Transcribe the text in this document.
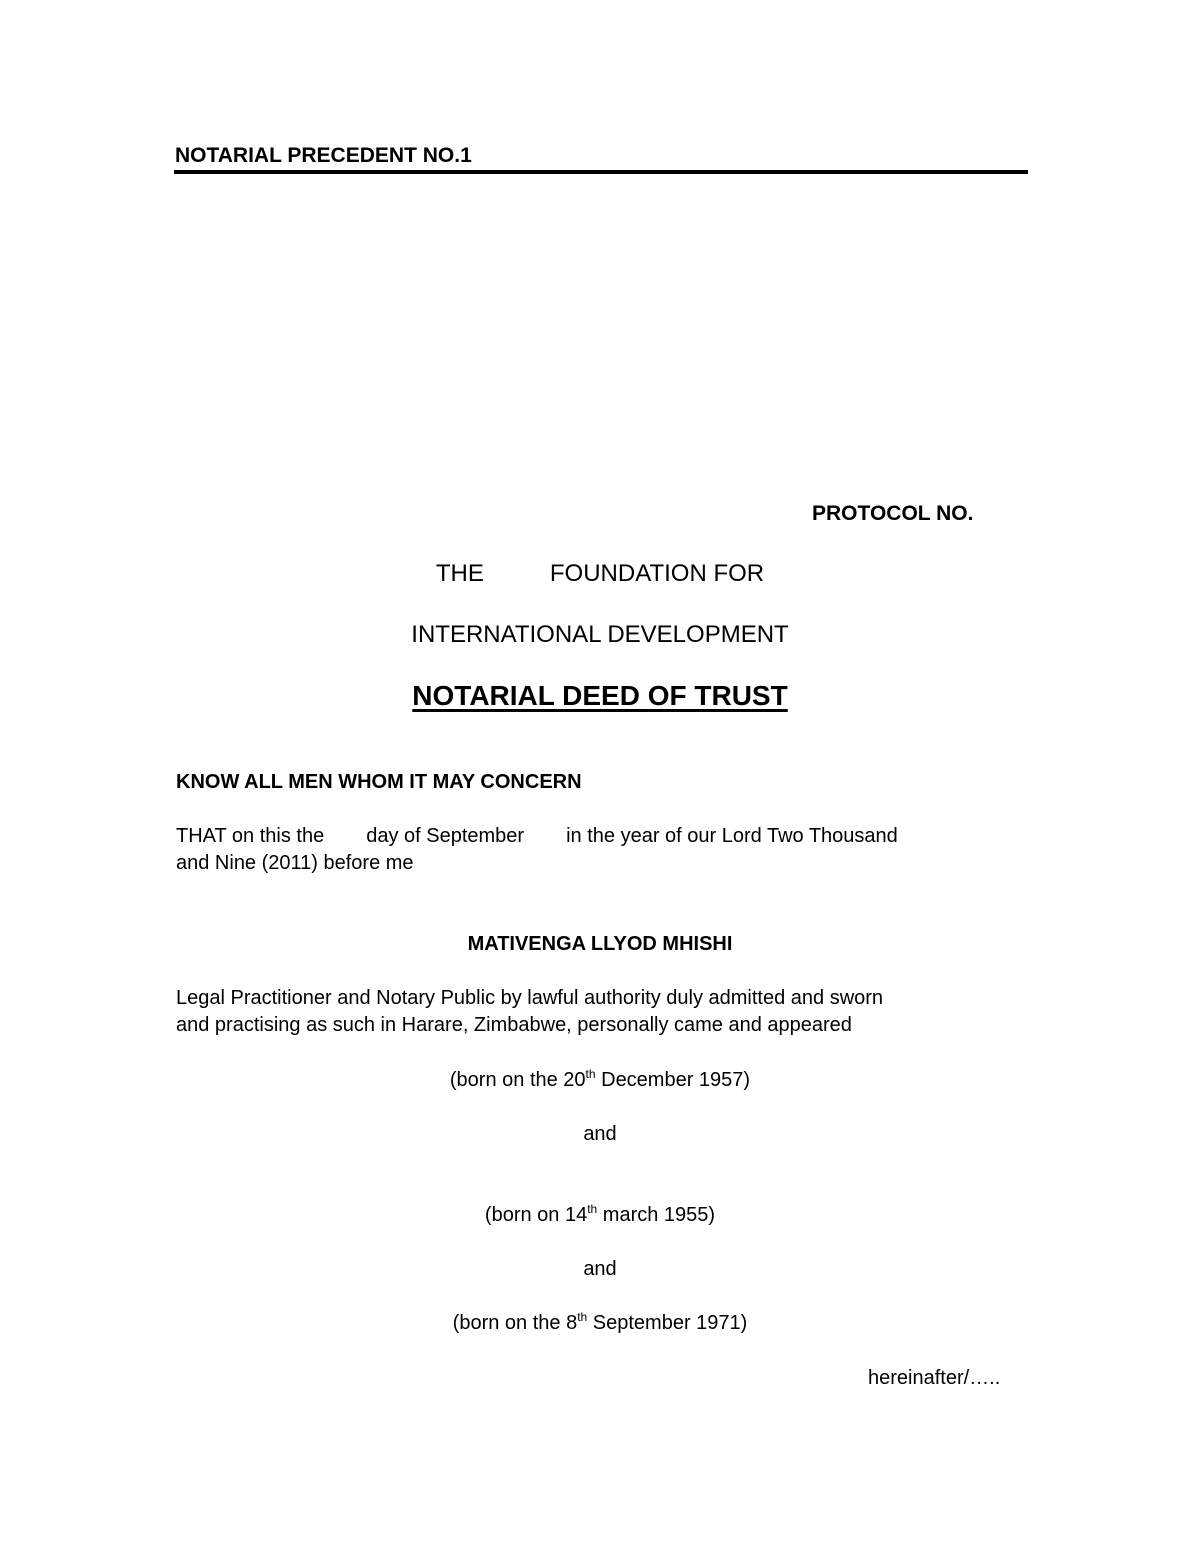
NOTARIAL PRECEDENT NO.1
PROTOCOL NO.
THE	FOUNDATION FOR
INTERNATIONAL DEVELOPMENT
NOTARIAL DEED OF TRUST
KNOW ALL MEN WHOM IT MAY CONCERN
THAT on this the day of September in the year of our Lord Two Thousand
and Nine (2011) before me
MATIVENGA LLYOD MHISHI
Legal Practitioner and Notary Public by lawful authority duly admitted and sworn
and practising as such in Harare, Zimbabwe, personally came and appeared
(born on the 20th December 1957)
and
(born on 14th march 1955)
and
(born on the 8th September 1971)
hereinafter/…..
